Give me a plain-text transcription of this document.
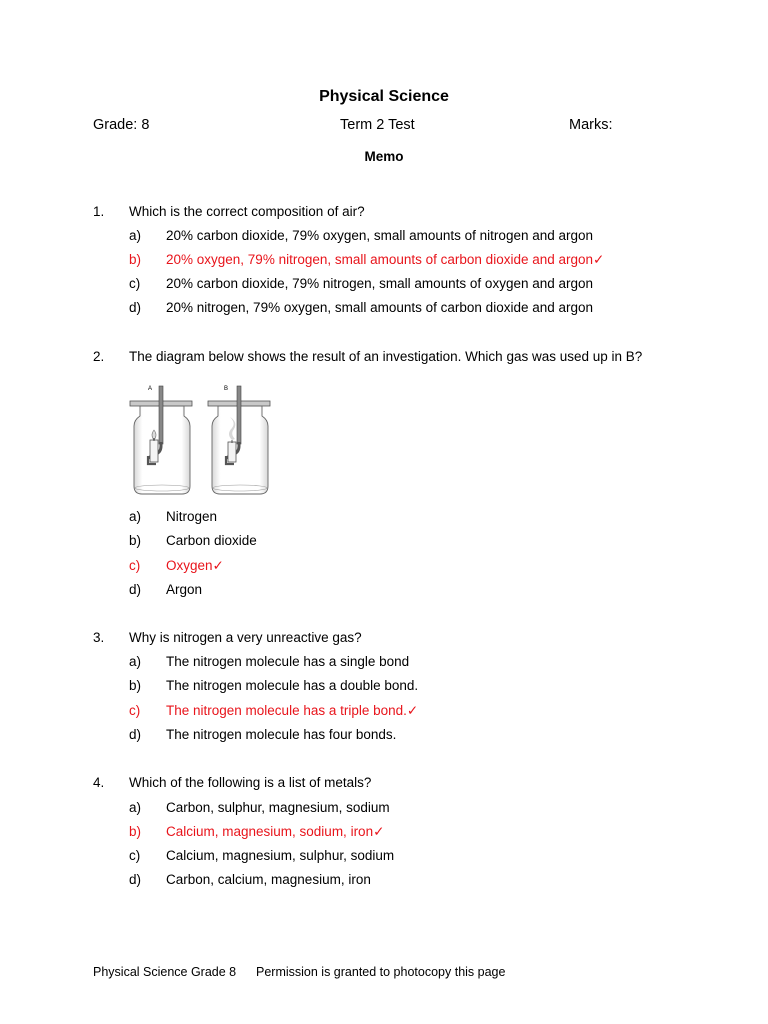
Physical Science
Grade: 8	Term 2 Test	Marks:
Memo
1. Which is the correct composition of air?
a) 20% carbon dioxide, 79% oxygen, small amounts of nitrogen and argon
b) 20% oxygen, 79% nitrogen, small amounts of carbon dioxide and argon✓
c) 20% carbon dioxide, 79% nitrogen, small amounts of oxygen and argon
d) 20% nitrogen, 79% oxygen, small amounts of carbon dioxide and argon
2. The diagram below shows the result of an investigation. Which gas was used up in B?
A	B
a) Nitrogen
b) Carbon dioxide
c) Oxygen✓
d) Argon
3. Why is nitrogen a very unreactive gas?
a) The nitrogen molecule has a single bond
b) The nitrogen molecule has a double bond.
c) The nitrogen molecule has a triple bond.✓
d) The nitrogen molecule has four bonds.
4. Which of the following is a list of metals?
a) Carbon, sulphur, magnesium, sodium
b) Calcium, magnesium, sodium, iron✓
c) Calcium, magnesium, sulphur, sodium
d) Carbon, calcium, magnesium, iron
Physical Science Grade 8 Permission is granted to photocopy this page
